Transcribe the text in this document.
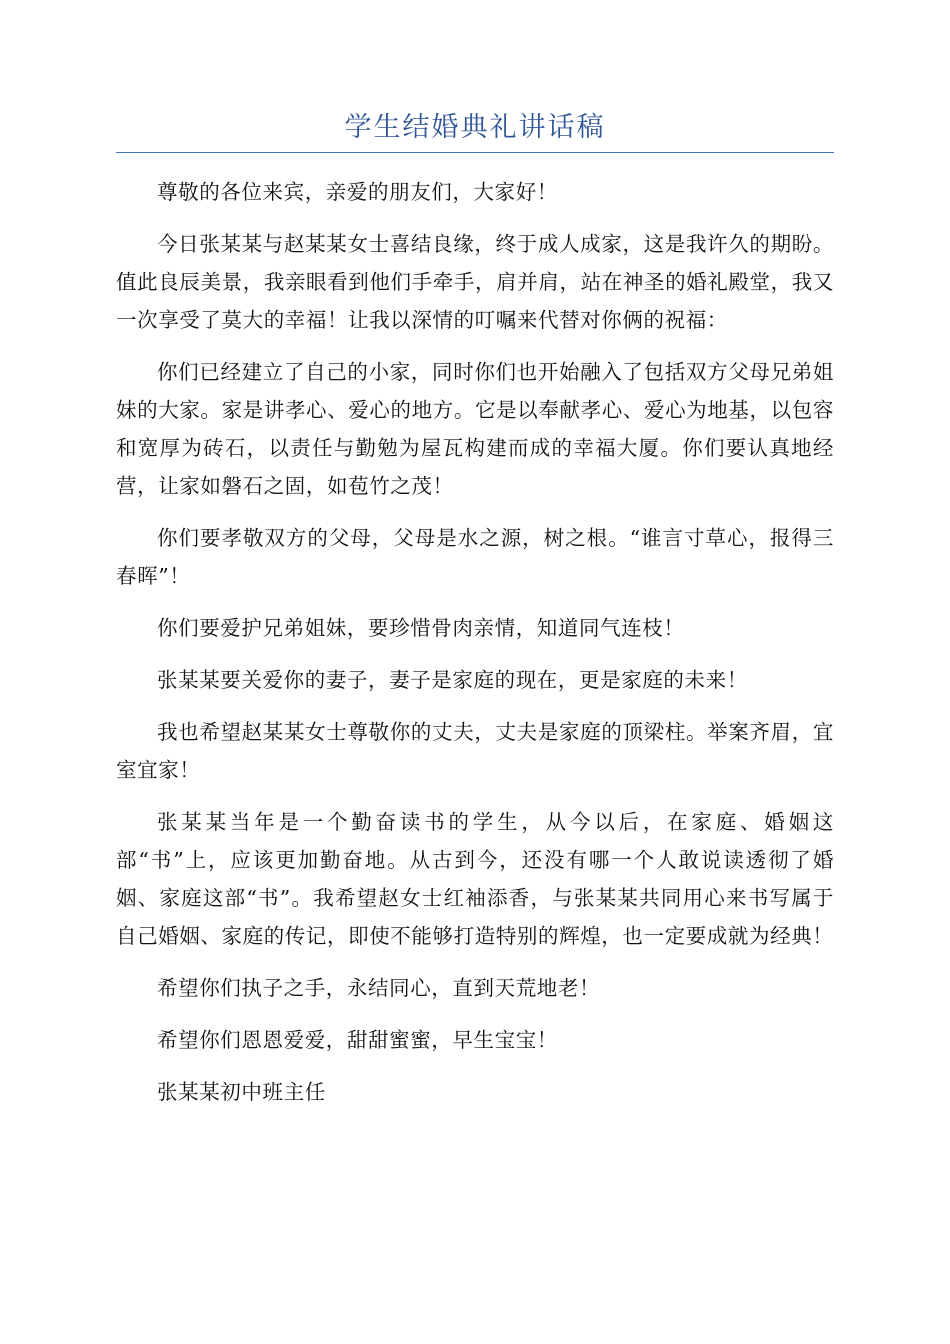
学生结婚典礼讲话稿

尊敬的各位来宾，亲爱的朋友们，大家好！

今日张某某与赵某某女士喜结良缘，终于成人成家，这是我许久的期盼。值此良辰美景，我亲眼看到他们手牵手，肩并肩，站在神圣的婚礼殿堂，我又一次享受了莫大的幸福！让我以深情的叮嘱来代替对你俩的祝福：

你们已经建立了自己的小家，同时你们也开始融入了包括双方父母兄弟姐妹的大家。家是讲孝心、爱心的地方。它是以奉献孝心、爱心为地基，以包容和宽厚为砖石，以责任与勤勉为屋瓦构建而成的幸福大厦。你们要认真地经营，让家如磐石之固，如苞竹之茂！

你们要孝敬双方的父母，父母是水之源，树之根。“谁言寸草心，报得三春晖”！

你们要爱护兄弟姐妹，要珍惜骨肉亲情，知道同气连枝！

张某某要关爱你的妻子，妻子是家庭的现在，更是家庭的未来！

我也希望赵某某女士尊敬你的丈夫，丈夫是家庭的顶梁柱。举案齐眉，宜室宜家！

张某某当年是一个勤奋读书的学生，从今以后，在家庭、婚姻这部“书”上，应该更加勤奋地。从古到今，还没有哪一个人敢说读透彻了婚姻、家庭这部“书”。我希望赵女士红袖添香，与张某某共同用心来书写属于自己婚姻、家庭的传记，即使不能够打造特别的辉煌，也一定要成就为经典！

希望你们执子之手，永结同心，直到天荒地老！

希望你们恩恩爱爱，甜甜蜜蜜，早生宝宝！

张某某初中班主任
